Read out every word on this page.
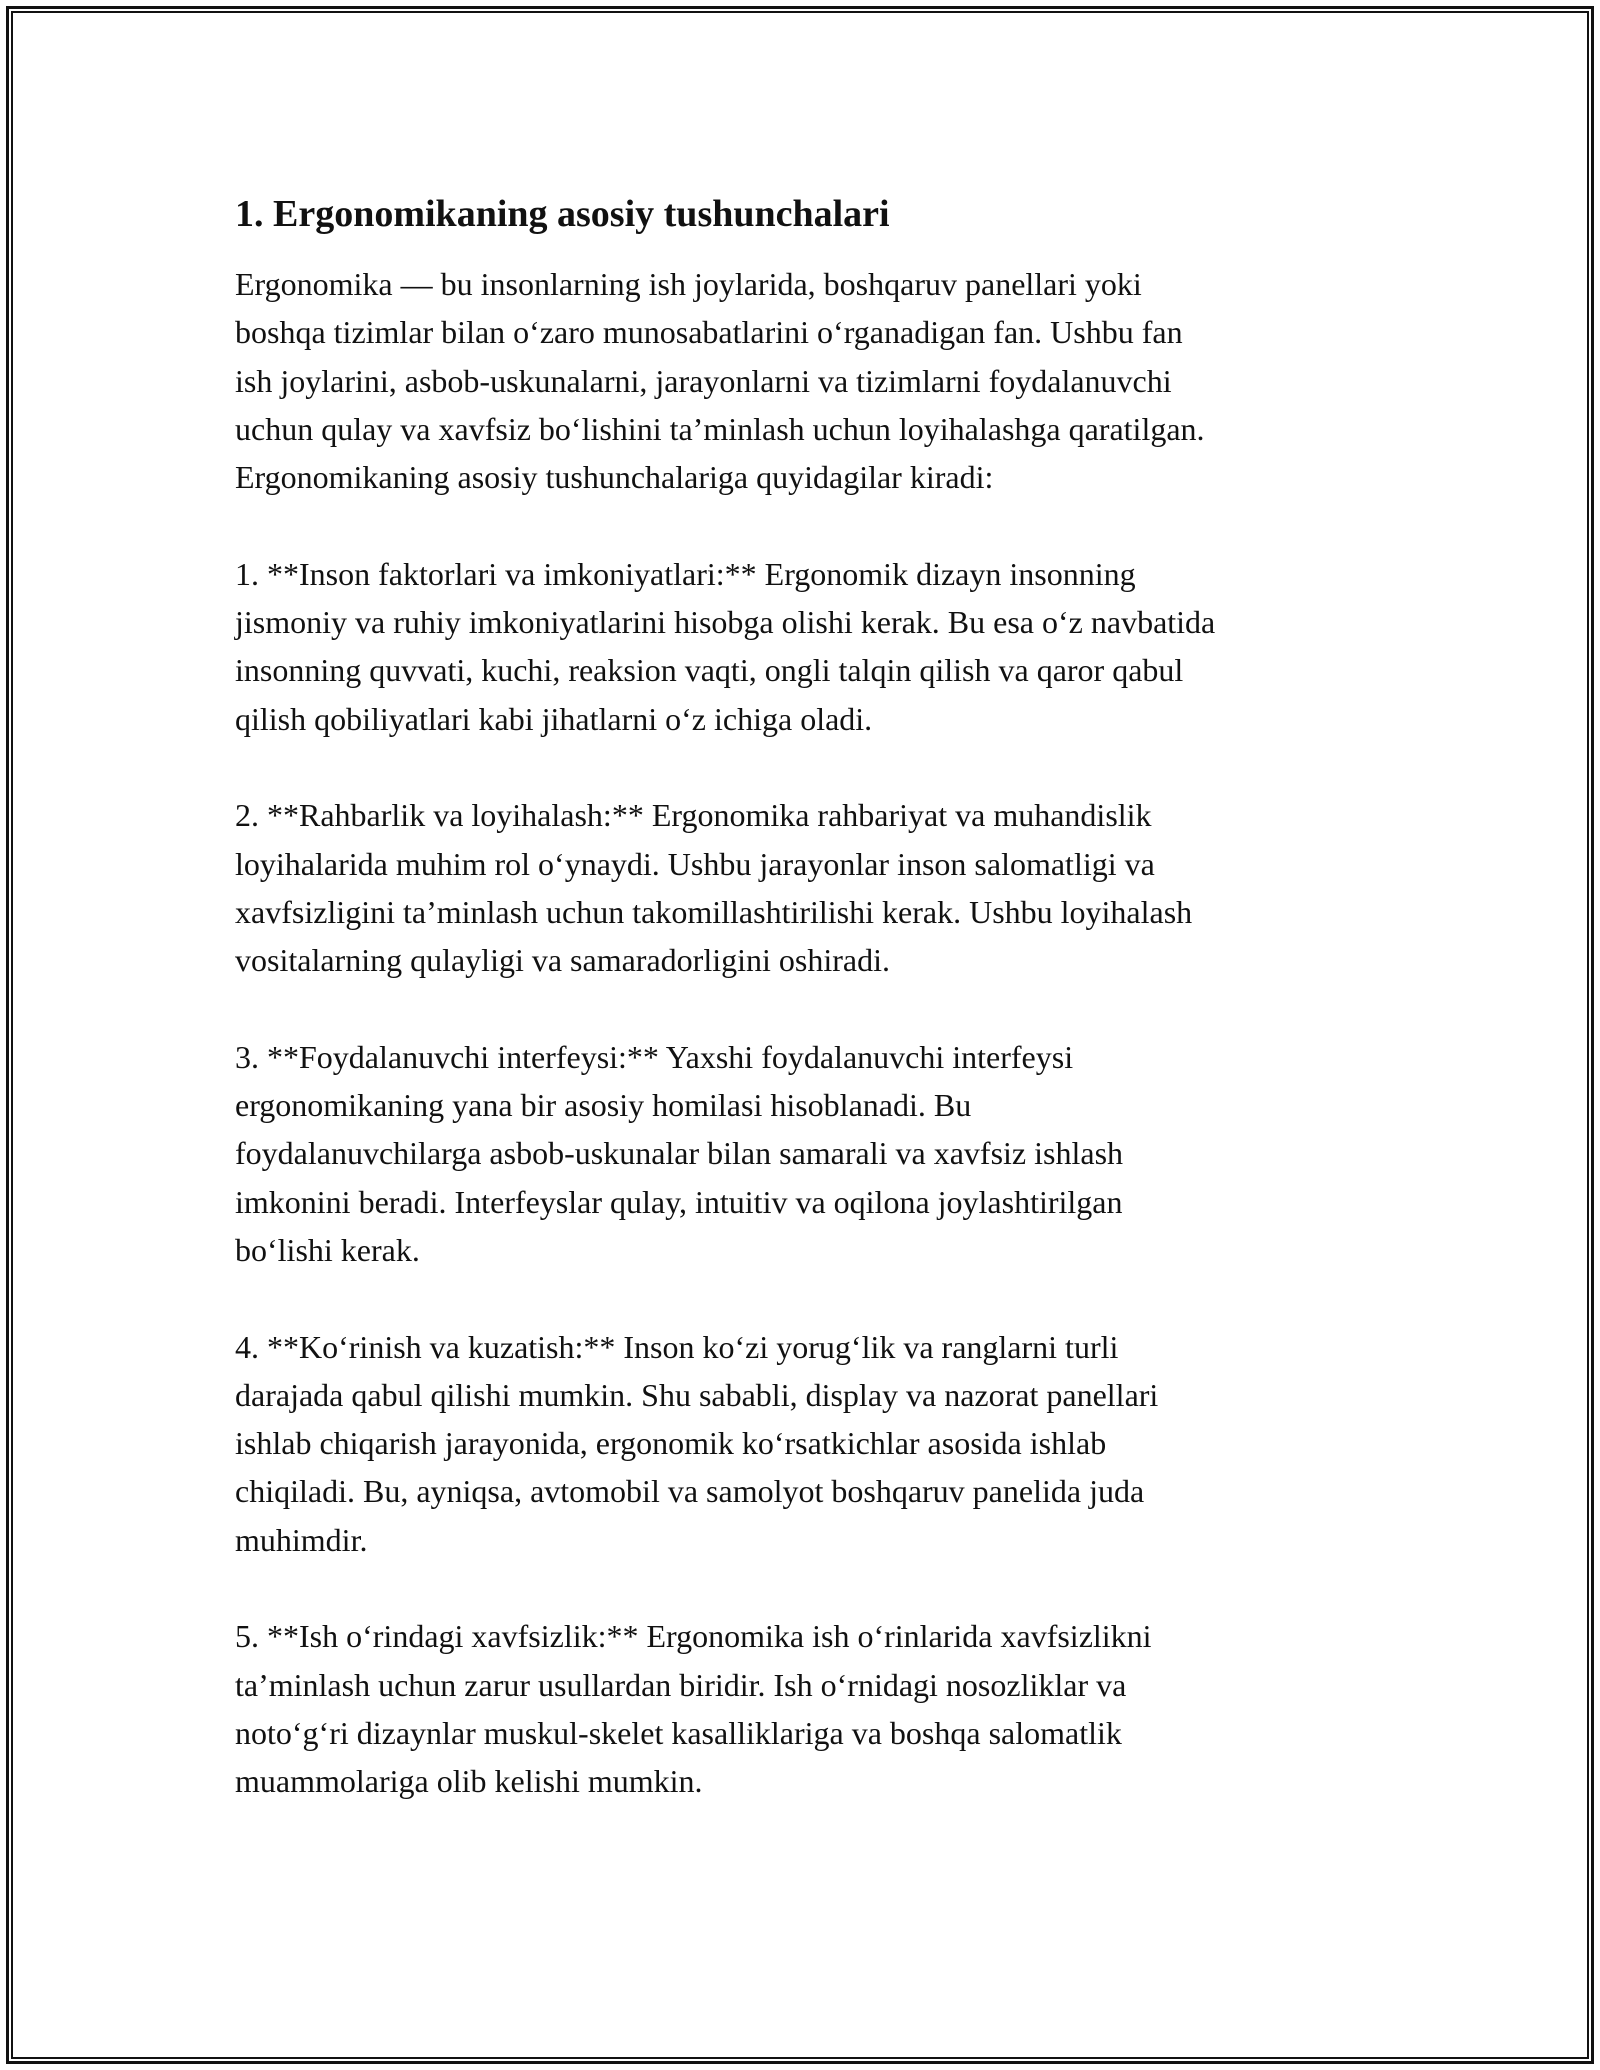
1. Ergonomikaning asosiy tushunchalari
Ergonomika — bu insonlarning ish joylarida, boshqaruv panellari yoki
boshqa tizimlar bilan oʻzaro munosabatlarini oʻrganadigan fan. Ushbu fan
ish joylarini, asbob-uskunalarni, jarayonlarni va tizimlarni foydalanuvchi
uchun qulay va xavfsiz boʻlishini taʼminlash uchun loyihalashga qaratilgan.
Ergonomikaning asosiy tushunchalariga quyidagilar kiradi:
1. **Inson faktorlari va imkoniyatlari:** Ergonomik dizayn insonning
jismoniy va ruhiy imkoniyatlarini hisobga olishi kerak. Bu esa oʻz navbatida
insonning quvvati, kuchi, reaksion vaqti, ongli talqin qilish va qaror qabul
qilish qobiliyatlari kabi jihatlarni oʻz ichiga oladi.
2. **Rahbarlik va loyihalash:** Ergonomika rahbariyat va muhandislik
loyihalarida muhim rol oʻynaydi. Ushbu jarayonlar inson salomatligi va
xavfsizligini taʼminlash uchun takomillashtirilishi kerak. Ushbu loyihalash
vositalarning qulayligi va samaradorligini oshiradi.
3. **Foydalanuvchi interfeysi:** Yaxshi foydalanuvchi interfeysi
ergonomikaning yana bir asosiy homilasi hisoblanadi. Bu
foydalanuvchilarga asbob-uskunalar bilan samarali va xavfsiz ishlash
imkonini beradi. Interfeyslar qulay, intuitiv va oqilona joylashtirilgan
boʻlishi kerak.
4. **Koʻrinish va kuzatish:** Inson koʻzi yorugʻlik va ranglarni turli
darajada qabul qilishi mumkin. Shu sababli, display va nazorat panellari
ishlab chiqarish jarayonida, ergonomik koʻrsatkichlar asosida ishlab
chiqiladi. Bu, ayniqsa, avtomobil va samolyot boshqaruv panelida juda
muhimdir.
5. **Ish oʻrindagi xavfsizlik:** Ergonomika ish oʻrinlarida xavfsizlikni
taʼminlash uchun zarur usullardan biridir. Ish oʻrnidagi nosozliklar va
notoʻgʻri dizaynlar muskul-skelet kasalliklariga va boshqa salomatlik
muammolariga olib kelishi mumkin.
